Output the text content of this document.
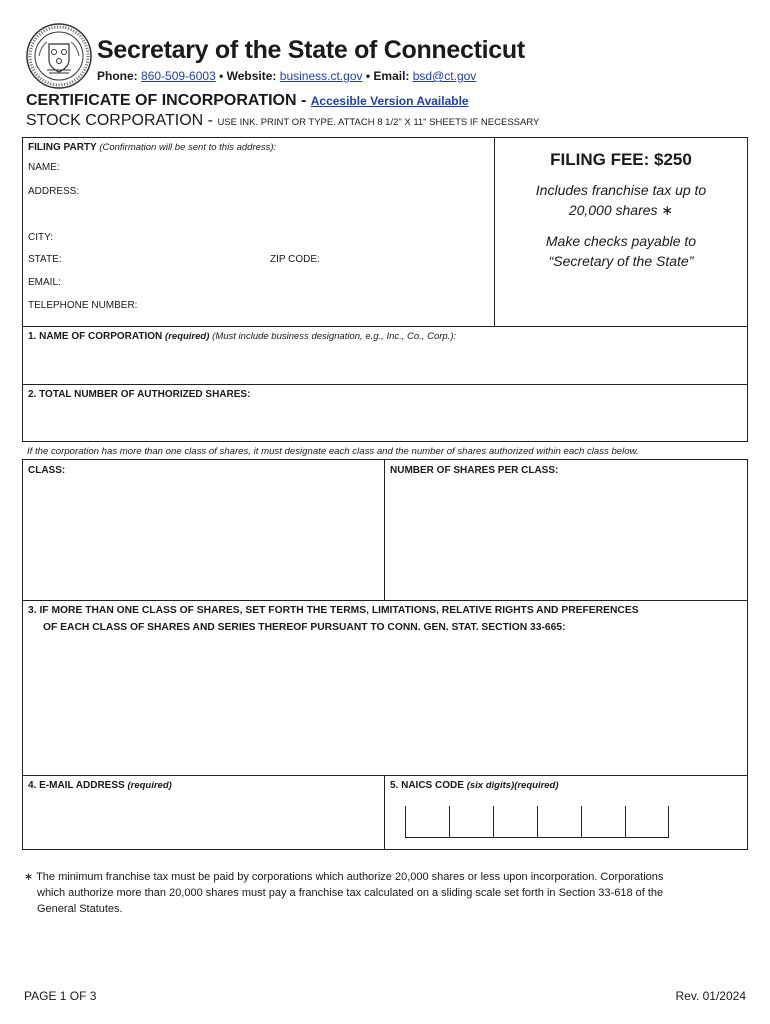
Secretary of the State of Connecticut
Phone: 860-509-6003 • Website: business.ct.gov • Email: bsd@ct.gov
CERTIFICATE OF INCORPORATION - Accesible Version Available
STOCK CORPORATION - USE INK. PRINT OR TYPE. ATTACH 8 1/2" X 11" SHEETS IF NECESSARY
FILING PARTY (Confirmation will be sent to this address):
NAME:
ADDRESS:
CITY:
STATE:	ZIP CODE:
EMAIL:
TELEPHONE NUMBER:
FILING FEE: $250
Includes franchise tax up to
20,000 shares ∗
Make checks payable to
“Secretary of the State”
1. NAME OF CORPORATION (required) (Must include business designation, e.g., Inc., Co., Corp.):
2. TOTAL NUMBER OF AUTHORIZED SHARES:
If the corporation has more than one class of shares, it must designate each class and the number of shares authorized within each class below.
CLASS:	NUMBER OF SHARES PER CLASS:
3. IF MORE THAN ONE CLASS OF SHARES, SET FORTH THE TERMS, LIMITATIONS, RELATIVE RIGHTS AND PREFERENCES
OF EACH CLASS OF SHARES AND SERIES THEREOF PURSUANT TO CONN. GEN. STAT. SECTION 33-665:
4. E-MAIL ADDRESS (required)	5. NAICS CODE (six digits)(required)
∗ The minimum franchise tax must be paid by corporations which authorize 20,000 shares or less upon incorporation. Corporations
which authorize more than 20,000 shares must pay a franchise tax calculated on a sliding scale set forth in Section 33-618 of the
General Statutes.
PAGE 1 OF 3	Rev. 01/2024
